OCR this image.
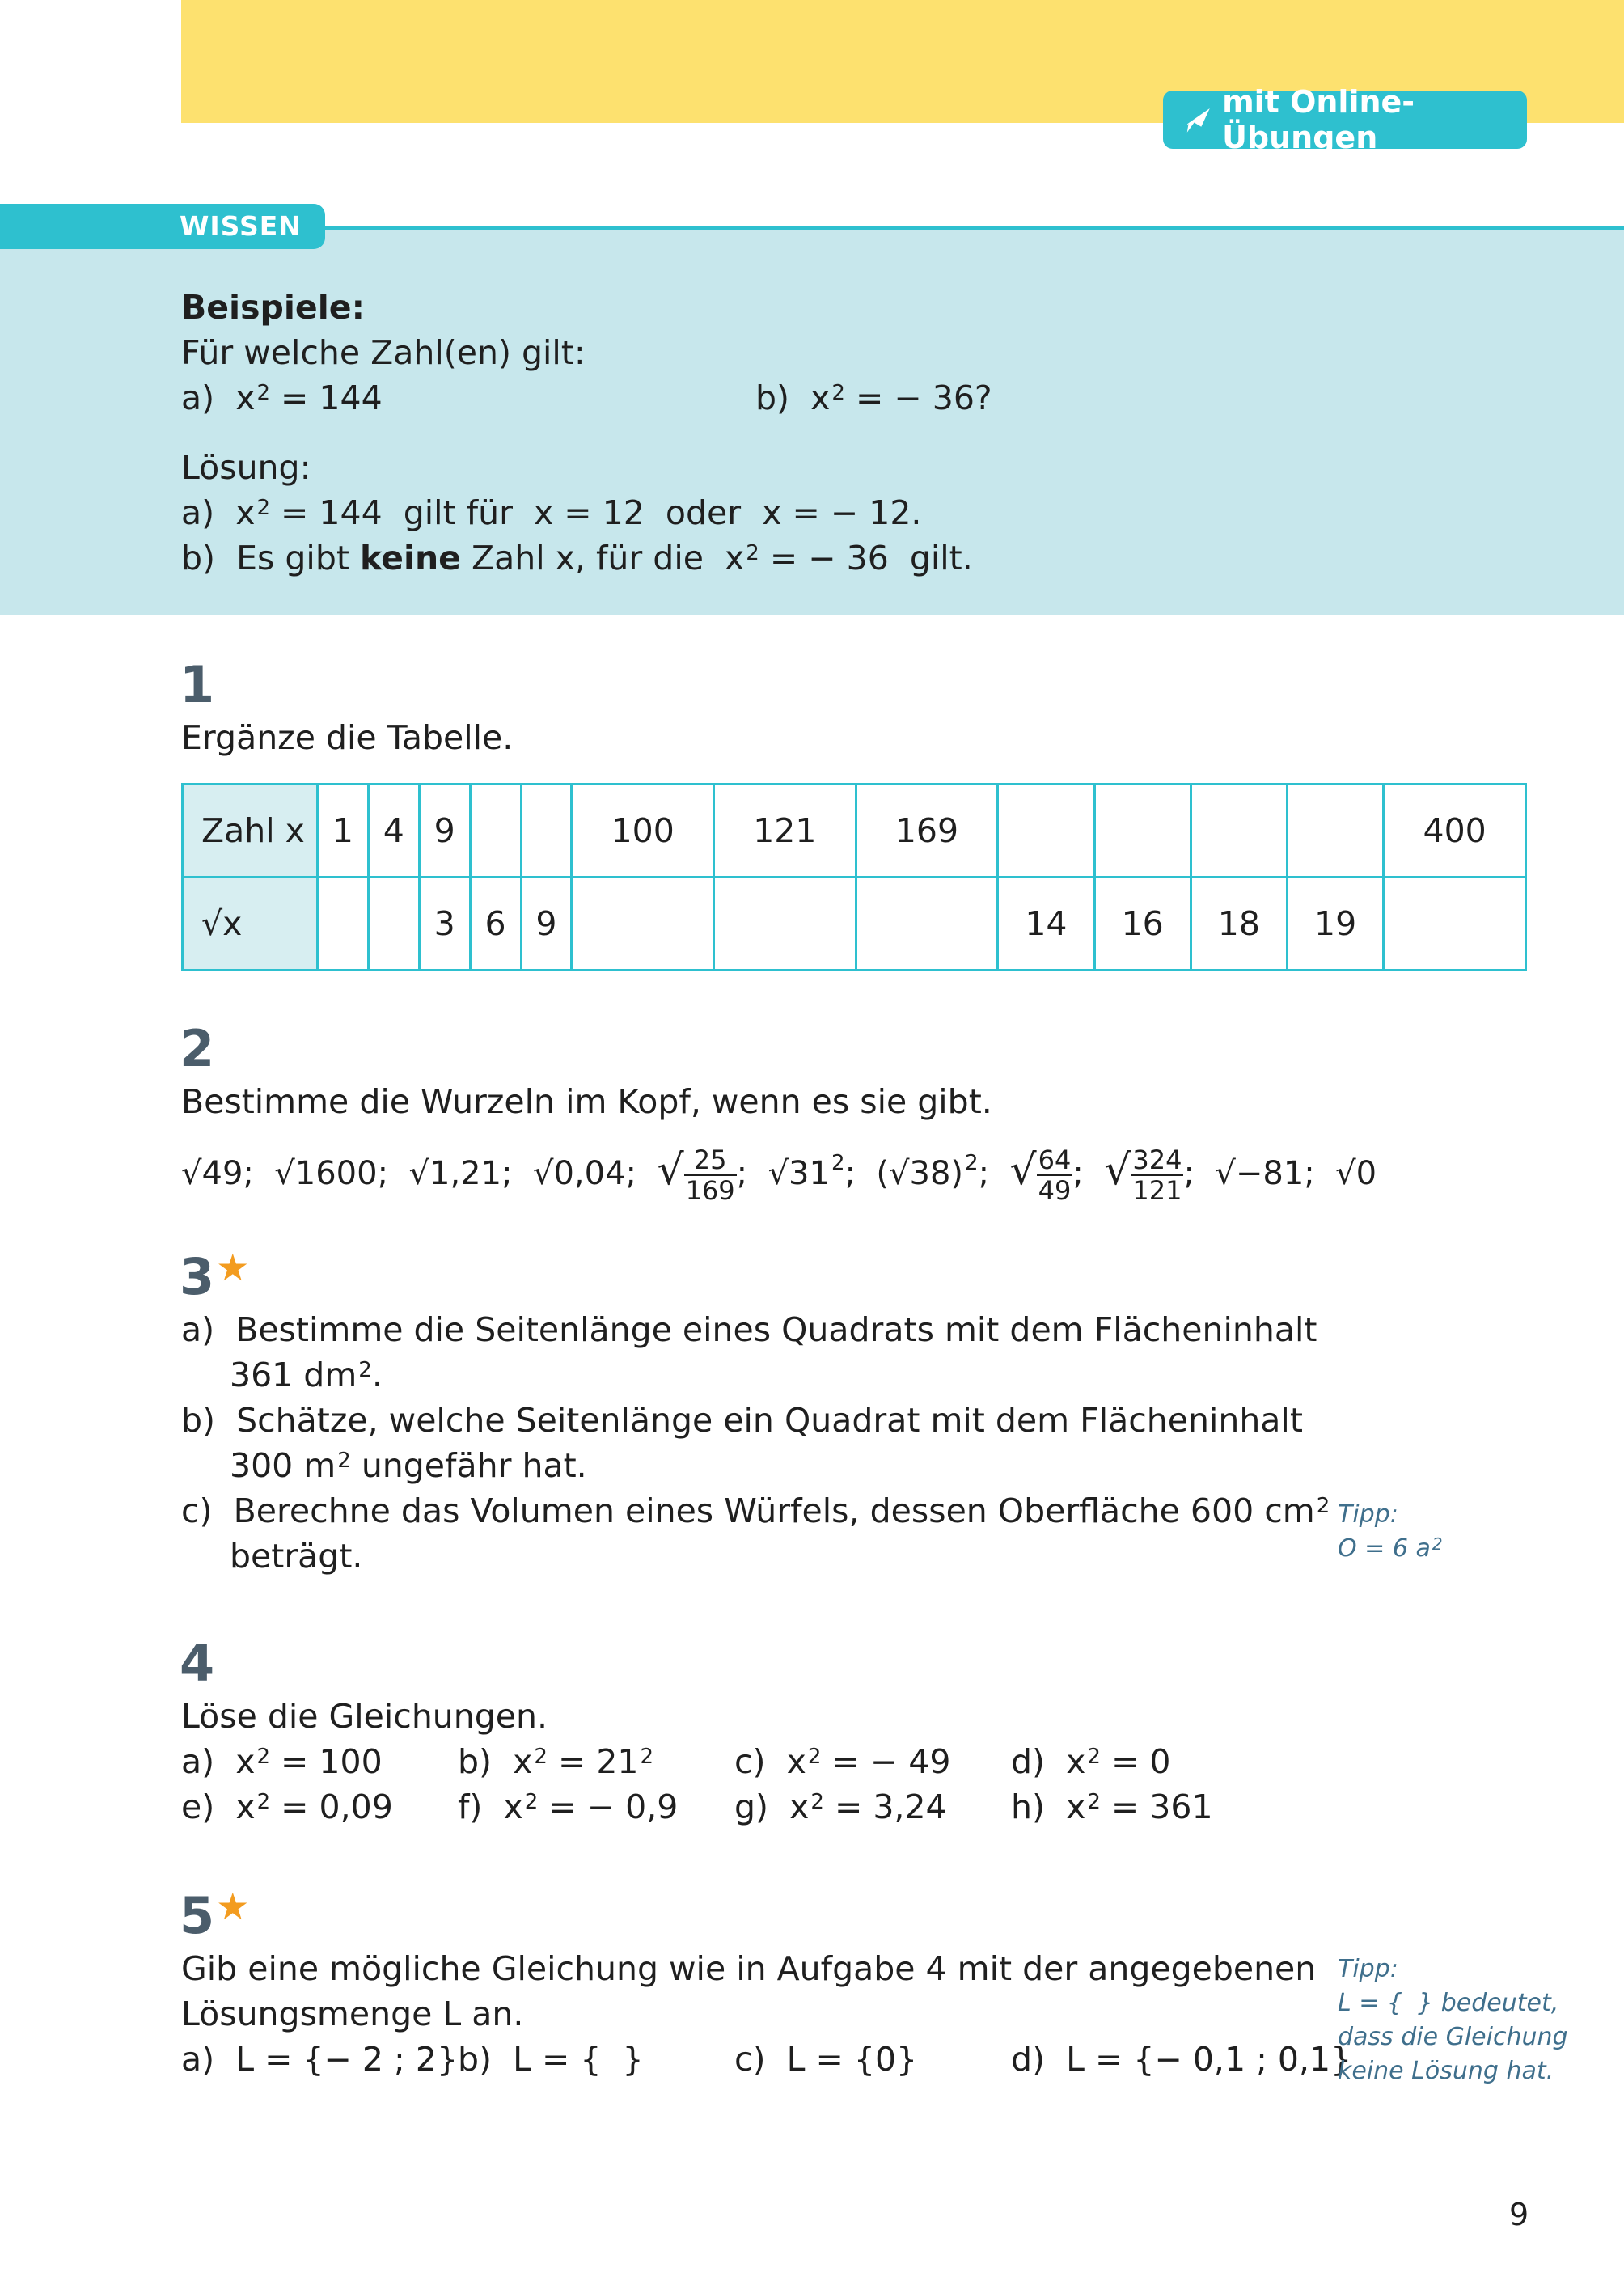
mit Online-Übungen
WISSEN
Beispiele:
Für welche Zahl(en) gilt:
a) $x^2 = 144$	b) $x^2$ = − 36?
Lösung:
a) $x^2 = 144$  gilt für  x = 12  oder  x = − 12.
b) Es gibt keine Zahl x, für die  $x^2$ = − 36  gilt.
1
Ergänze die Tabelle.
Zahl x	1	4	9			100	121	169					400
√x			3	6	9				14	16	18	19	
2
Bestimme die Wurzeln im Kopf, wenn es sie gibt.
√49;  √1600;  √1,21;  √0,04;  √ $\frac{25}{169}$ ;  $√31^2$;  $(√38)^2$;  √ $\frac{64}{49}$ ;  √ $\frac{324}{121}$ ;  √−81;  √0
3★
a) Bestimme die Seitenlänge eines Quadrats mit dem Flächeninhalt
361 $dm^2$.
b) Schätze, welche Seitenlänge ein Quadrat mit dem Flächeninhalt
300 $m^2$ ungefähr hat.
c) Berechne das Volumen eines Würfels, dessen Oberfläche 600 $cm^2$
beträgt.
Tipp:
O = 6 a $^2$
4
Löse die Gleichungen.
a) $x^2 = 100$ b) $x^2 = 21^2$ c) $x^2$ = − 49 d) $x^2 = 0$
e) $x^2 = 0,09$ f) $x^2$ = − 0,9 g) $x^2 = 3,24$ h) $x^2 = 361$
5★
Gib eine mögliche Gleichung wie in Aufgabe 4 mit der angegebenen
Lösungsmenge L an.
a) L = {− 2 ; 2} b) L = {  }	c) L = {0}	d) L = {− 0,1 ; 0,1}
Tipp:
L = {  } bedeutet,
dass die Gleichung
keine Lösung hat.
9
